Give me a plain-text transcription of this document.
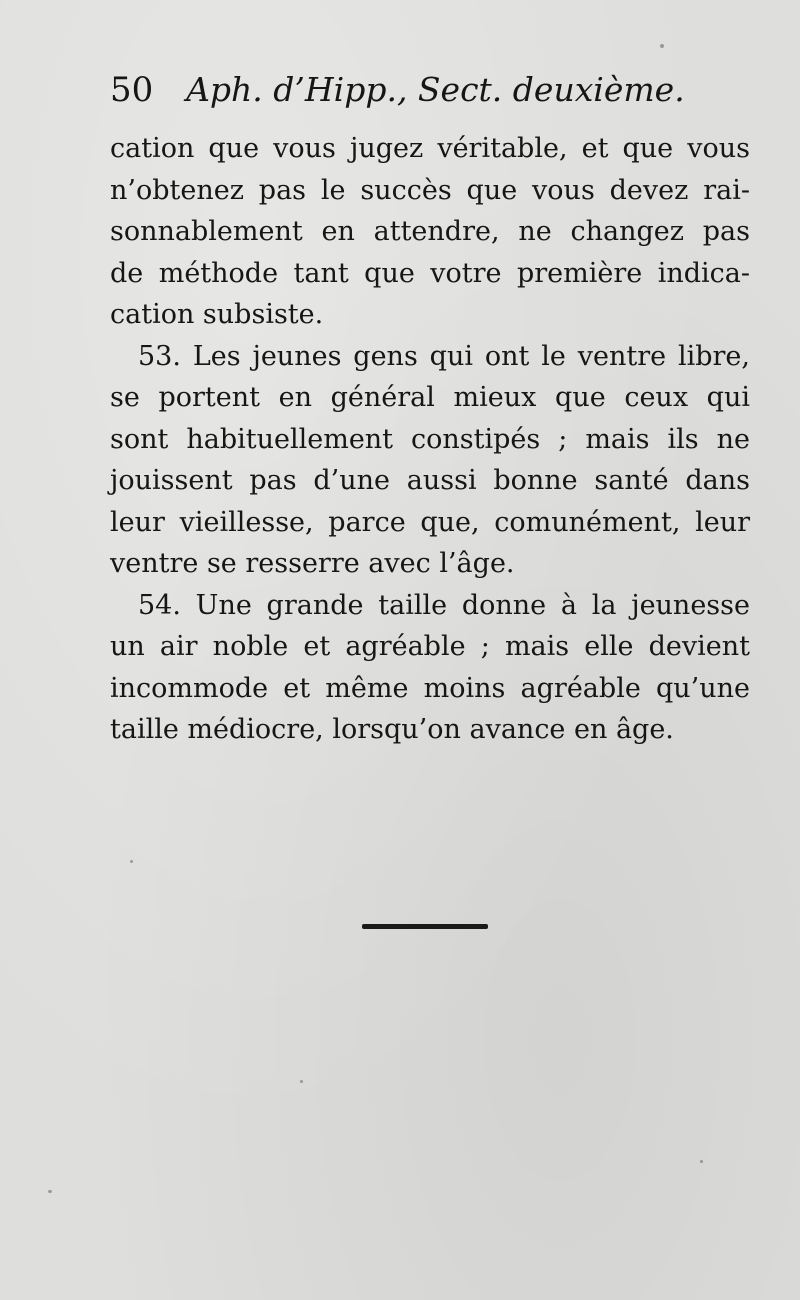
50 Aph. d’Hipp., Sect. deuxième.
cation que vous jugez véritable, et que vous
n’obtenez pas le succès que vous devez rai-
sonnablement en attendre, ne changez pas
de méthode tant que votre première indica-
cation subsiste.
53. Les jeunes gens qui ont le ventre libre,
se portent en général mieux que ceux qui
sont habituellement constipés ; mais ils ne
jouissent pas d’une aussi bonne santé dans
leur vieillesse, parce que, comunément, leur
ventre se resserre avec l’âge.
54. Une grande taille donne à la jeunesse
un air noble et agréable ; mais elle devient
incommode et même moins agréable qu’une
taille médiocre, lorsqu’on avance en âge.
